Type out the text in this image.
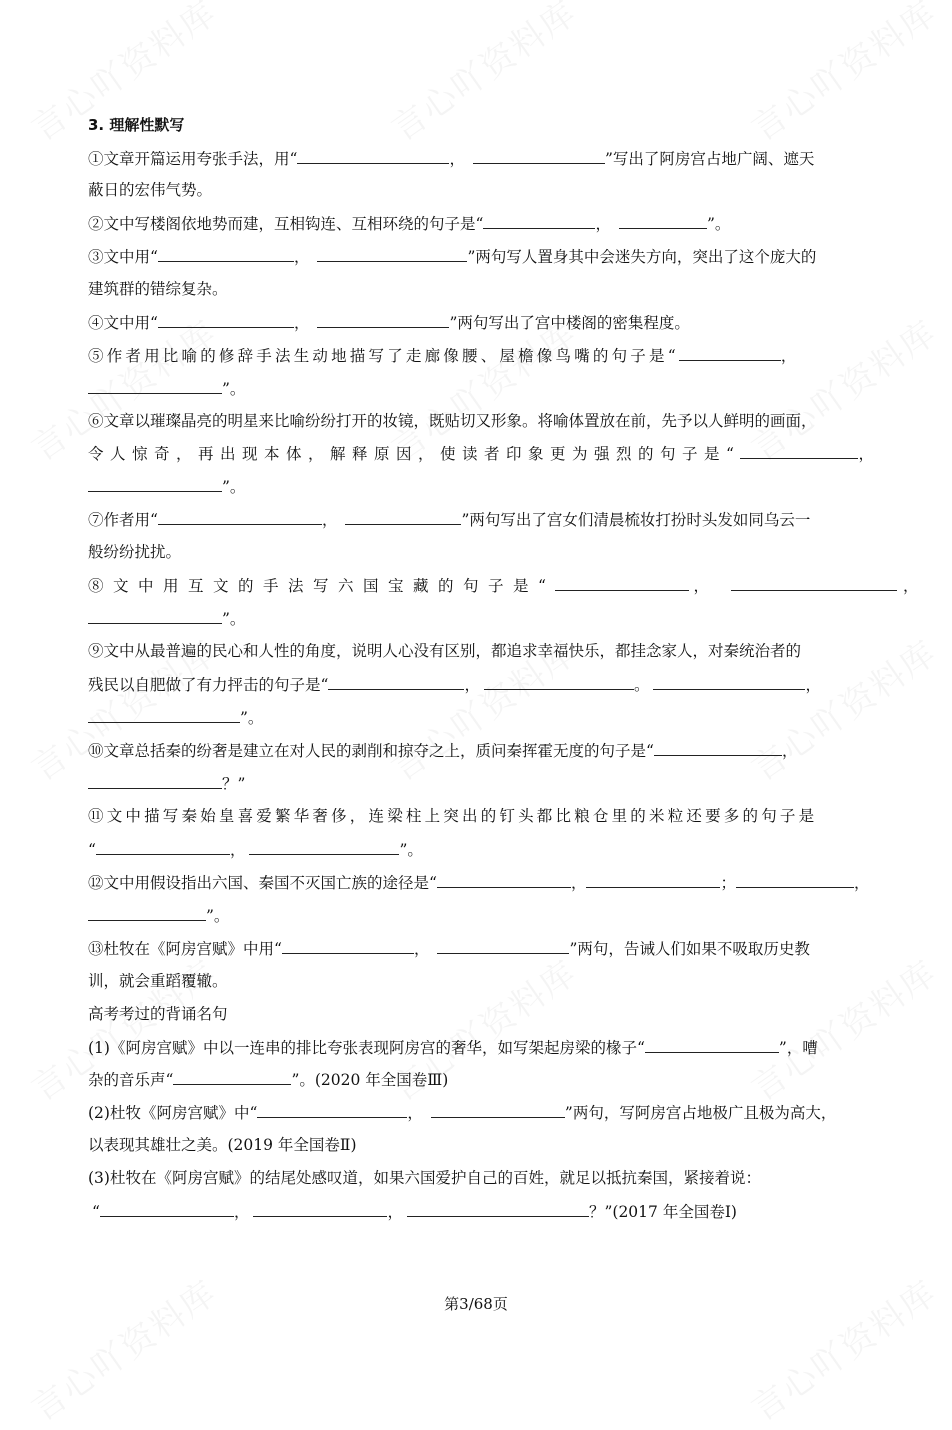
3. 理解性默写
①文章开篇运用夸张手法，用“	，	”写出了阿房宫占地广阔、遮天
蔽日的宏伟气势。
②文中写楼阁依地势而建，互相钩连、互相环绕的句子是“	，	”。
③文中用“	，	”两句写人置身其中会迷失方向，突出了这个庞大的
建筑群的错综复杂。
④文中用“	，	”两句写出了宫中楼阁的密集程度。
⑤作者用比喻的修辞手法生动地描写了走廊像腰、屋檐像鸟嘴的句子是“	，
”。
⑥文章以璀璨晶亮的明星来比喻纷纷打开的妆镜，既贴切又形象。将喻体置放在前，先予以人鲜明的画面，
令人惊奇，再出现本体，解释原因，使读者印象更为强烈的句子是“	，
”。
⑦作者用“	，	”两句写出了宫女们清晨梳妆打扮时头发如同乌云一
般纷纷扰扰。
⑧文中用互文的手法写六国宝藏的句子是“	，	，
”。
⑨文中从最普遍的民心和人性的角度，说明人心没有区别，都追求幸福快乐，都挂念家人，对秦统治者的
残民以自肥做了有力抨击的句子是“	，	。	，
”。
⑩文章总括秦的纷奢是建立在对人民的剥削和掠夺之上，质问秦挥霍无度的句子是“	，
？”
⑪文中描写秦始皇喜爱繁华奢侈，连梁柱上突出的钉头都比粮仓里的米粒还要多的句子是
“	，	”。
⑫文中用假设指出六国、秦国不灭国亡族的途径是“	，	；	，
”。
⑬杜牧在《阿房宫赋》中用“	，	”两句，告诫人们如果不吸取历史教
训，就会重蹈覆辙。
高考考过的背诵名句
(1)《阿房宫赋》中以一连串的排比夸张表现阿房宫的奢华，如写架起房梁的椽子“	”，嘈
杂的音乐声“	”。(2020 年全国卷Ⅲ)
(2)杜牧《阿房宫赋》中“	，	”两句，写阿房宫占地极广且极为高大，
以表现其雄壮之美。(2019 年全国卷Ⅱ)
(3)杜牧在《阿房宫赋》的结尾处感叹道，如果六国爱护自己的百姓，就足以抵抗秦国，紧接着说：
“	，	，	？”(2017 年全国卷Ⅰ)
第3/68页
